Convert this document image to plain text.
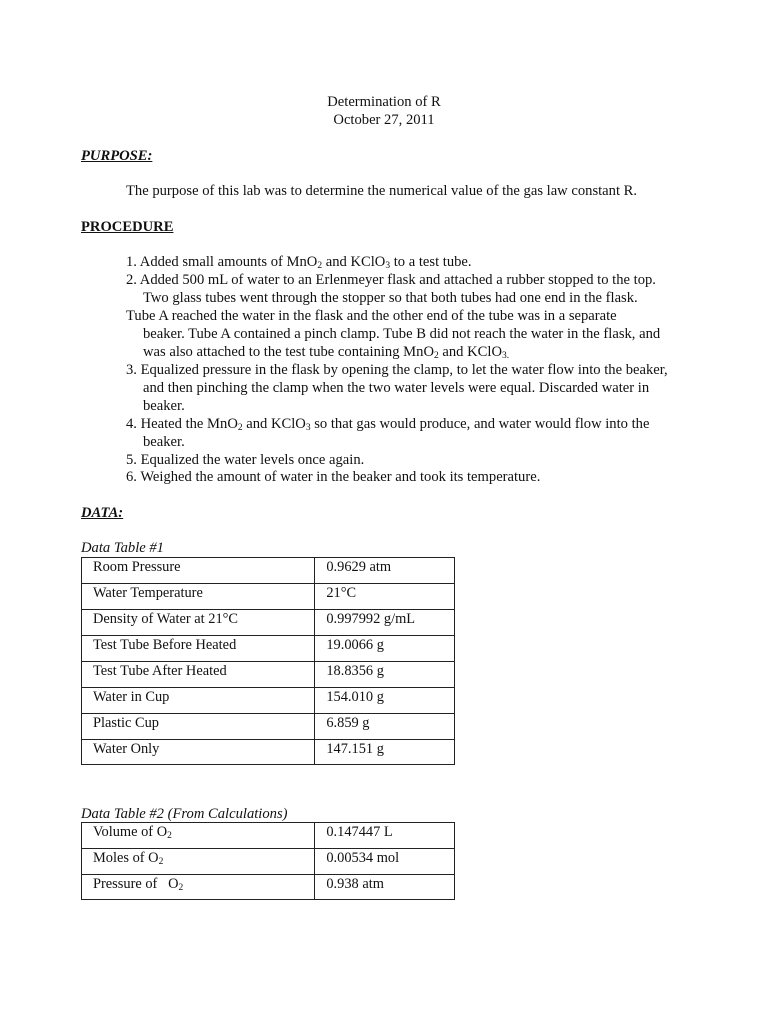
Determination of R
October 27, 2011
PURPOSE:
The purpose of this lab was to determine the numerical value of the gas law constant R.
PROCEDURE
1. Added small amounts of MnO$_2$ and KClO$_3$ to a test tube.
2. Added 500 mL of water to an Erlenmeyer flask and attached a rubber stopped to the top.
Two glass tubes went through the stopper so that both tubes had one end in the flask.
Tube A reached the water in the flask and the other end of the tube was in a separate
beaker. Tube A contained a pinch clamp. Tube B did not reach the water in the flask, and
was also attached to the test tube containing MnO$_2$ and KClO$_{3.}$
3. Equalized pressure in the flask by opening the clamp, to let the water flow into the beaker,
and then pinching the clamp when the two water levels were equal. Discarded water in
beaker.
4. Heated the MnO$_2$ and KClO$_3$ so that gas would produce, and water would flow into the
beaker.
5. Equalized the water levels once again.
6. Weighed the amount of water in the beaker and took its temperature.
DATA:
Data Table #1
Room Pressure	0.9629 atm
Water Temperature	21°C
Density of Water at 21°C	0.997992 g/mL
Test Tube Before Heated	19.0066 g
Test Tube After Heated	18.8356 g
Water in Cup	154.010 g
Plastic Cup	6.859 g
Water Only	147.151 g
Data Table #2 (From Calculations)
Volume of $O_2$	0.147447 L
Moles of $O_2$	0.00534 mol
Pressure of   $O_2$	0.938 atm
